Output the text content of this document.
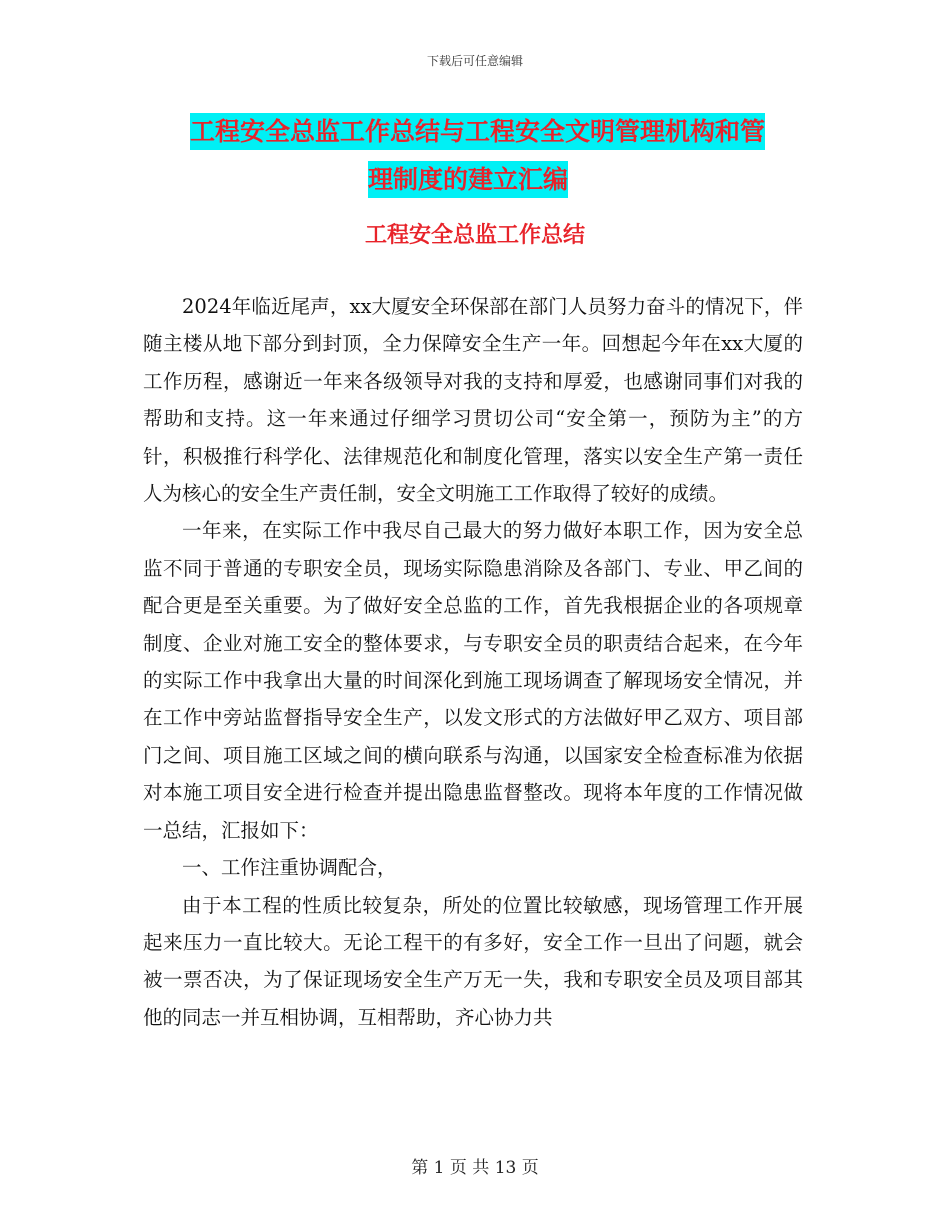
下载后可任意编辑
工程安全总监工作总结与工程安全文明管理机构和管
理制度的建立汇编
工程安全总监工作总结

2024年临近尾声，xx大厦安全环保部在部门人员努力奋斗的情况下，伴随主楼从地下部分到封顶，全力保障安全生产一年。回想起今年在xx大厦的工作历程，感谢近一年来各级领导对我的支持和厚爱，也感谢同事们对我的帮助和支持。这一年来通过仔细学习贯切公司“安全第一，预防为主”的方针，积极推行科学化、法律规范化和制度化管理，落实以安全生产第一责任人为核心的安全生产责任制，安全文明施工工作取得了较好的成绩。

一年来，在实际工作中我尽自己最大的努力做好本职工作，因为安全总监不同于普通的专职安全员，现场实际隐患消除及各部门、专业、甲乙间的配合更是至关重要。为了做好安全总监的工作，首先我根据企业的各项规章制度、企业对施工安全的整体要求，与专职安全员的职责结合起来，在今年的实际工作中我拿出大量的时间深化到施工现场调查了解现场安全情况，并在工作中旁站监督指导安全生产，以发文形式的方法做好甲乙双方、项目部门之间、项目施工区域之间的横向联系与沟通，以国家安全检查标准为依据对本施工项目安全进行检查并提出隐患监督整改。现将本年度的工作情况做一总结，汇报如下：

一、工作注重协调配合，

由于本工程的性质比较复杂，所处的位置比较敏感，现场管理工作开展起来压力一直比较大。无论工程干的有多好，安全工作一旦出了问题，就会被一票否决，为了保证现场安全生产万无一失，我和专职安全员及项目部其他的同志一并互相协调，互相帮助，齐心协力共

第 1 页 共 13 页
